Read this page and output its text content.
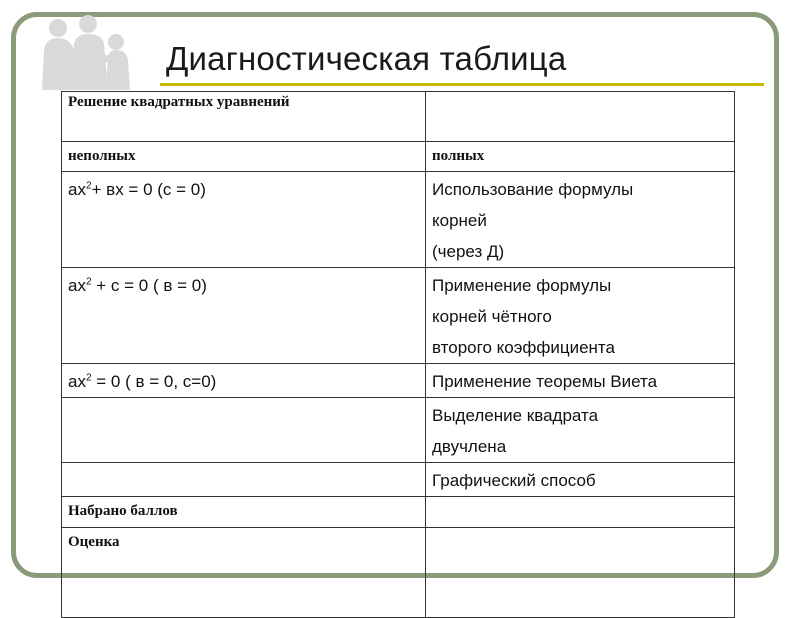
Диагностическая таблица
Решение квадратных уравнений	
неполных	полных
$ах^2+$ вх = 0 (с = 0)	Использование формулы
корней
(через Д)

$ах^2 + с = 0$ ( в = 0)	Применение формулы
корней чётного
второго коэффициента

$ах^2 = 0$ ( в = 0, с=0)	Применение теоремы Виета

	Выделение квадрата
двучлена

	Графический способ

Набрано баллов	
Оценка	
